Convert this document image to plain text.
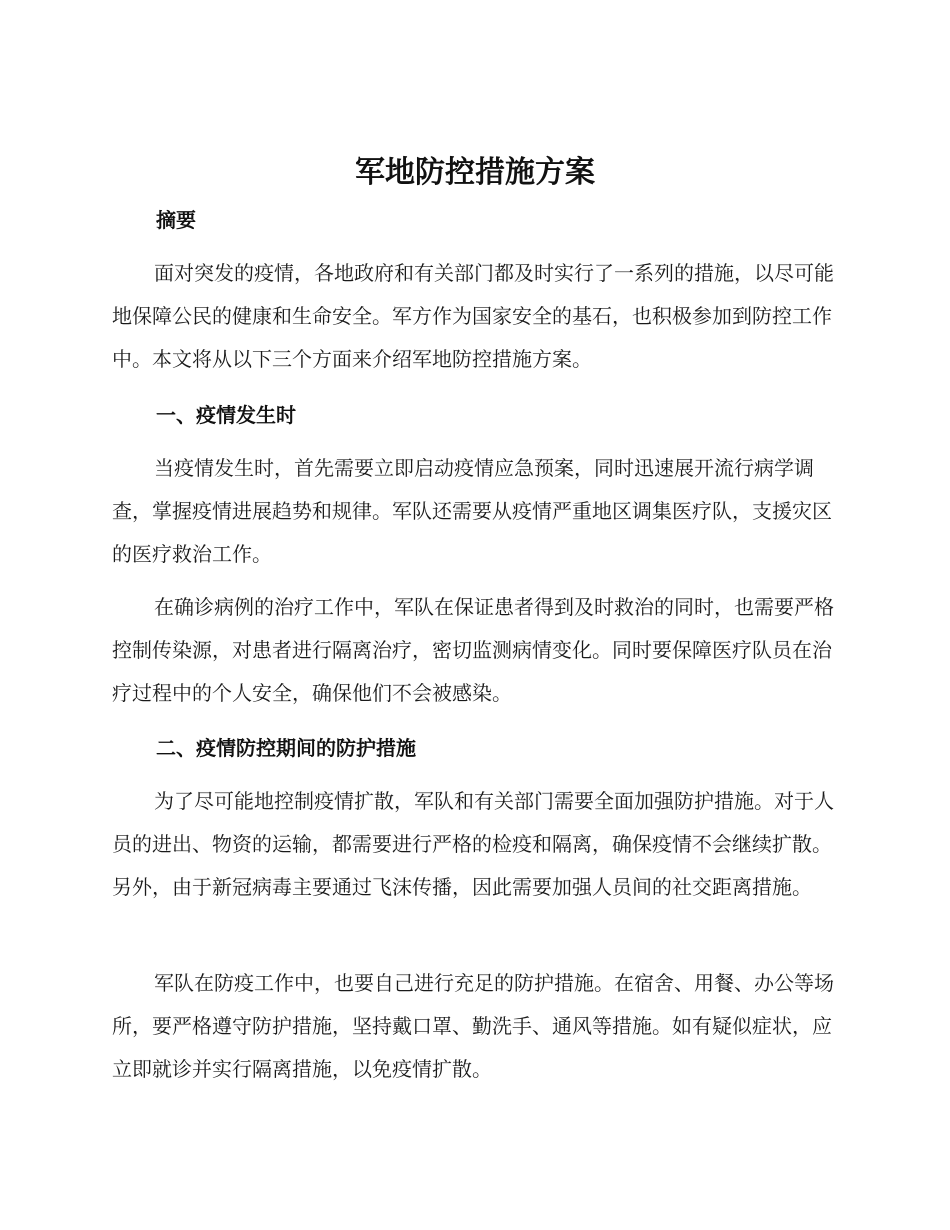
军地防控措施方案
摘要

面对突发的疫情，各地政府和有关部门都及时实行了一系列的措施，以尽可能地保障公民的健康和生命安全。军方作为国家安全的基石，也积极参加到防控工作中。本文将从以下三个方面来介绍军地防控措施方案。

一、疫情发生时

当疫情发生时，首先需要立即启动疫情应急预案，同时迅速展开流行病学调查，掌握疫情进展趋势和规律。军队还需要从疫情严重地区调集医疗队，支援灾区的医疗救治工作。

在确诊病例的治疗工作中，军队在保证患者得到及时救治的同时，也需要严格控制传染源，对患者进行隔离治疗，密切监测病情变化。同时要保障医疗队员在治疗过程中的个人安全，确保他们不会被感染。

二、疫情防控期间的防护措施

为了尽可能地控制疫情扩散，军队和有关部门需要全面加强防护措施。对于人员的进出、物资的运输，都需要进行严格的检疫和隔离，确保疫情不会继续扩散。另外，由于新冠病毒主要通过飞沫传播，因此需要加强人员间的社交距离措施。

军队在防疫工作中，也要自己进行充足的防护措施。在宿舍、用餐、办公等场所，要严格遵守防护措施，坚持戴口罩、勤洗手、通风等措施。如有疑似症状，应立即就诊并实行隔离措施，以免疫情扩散。
